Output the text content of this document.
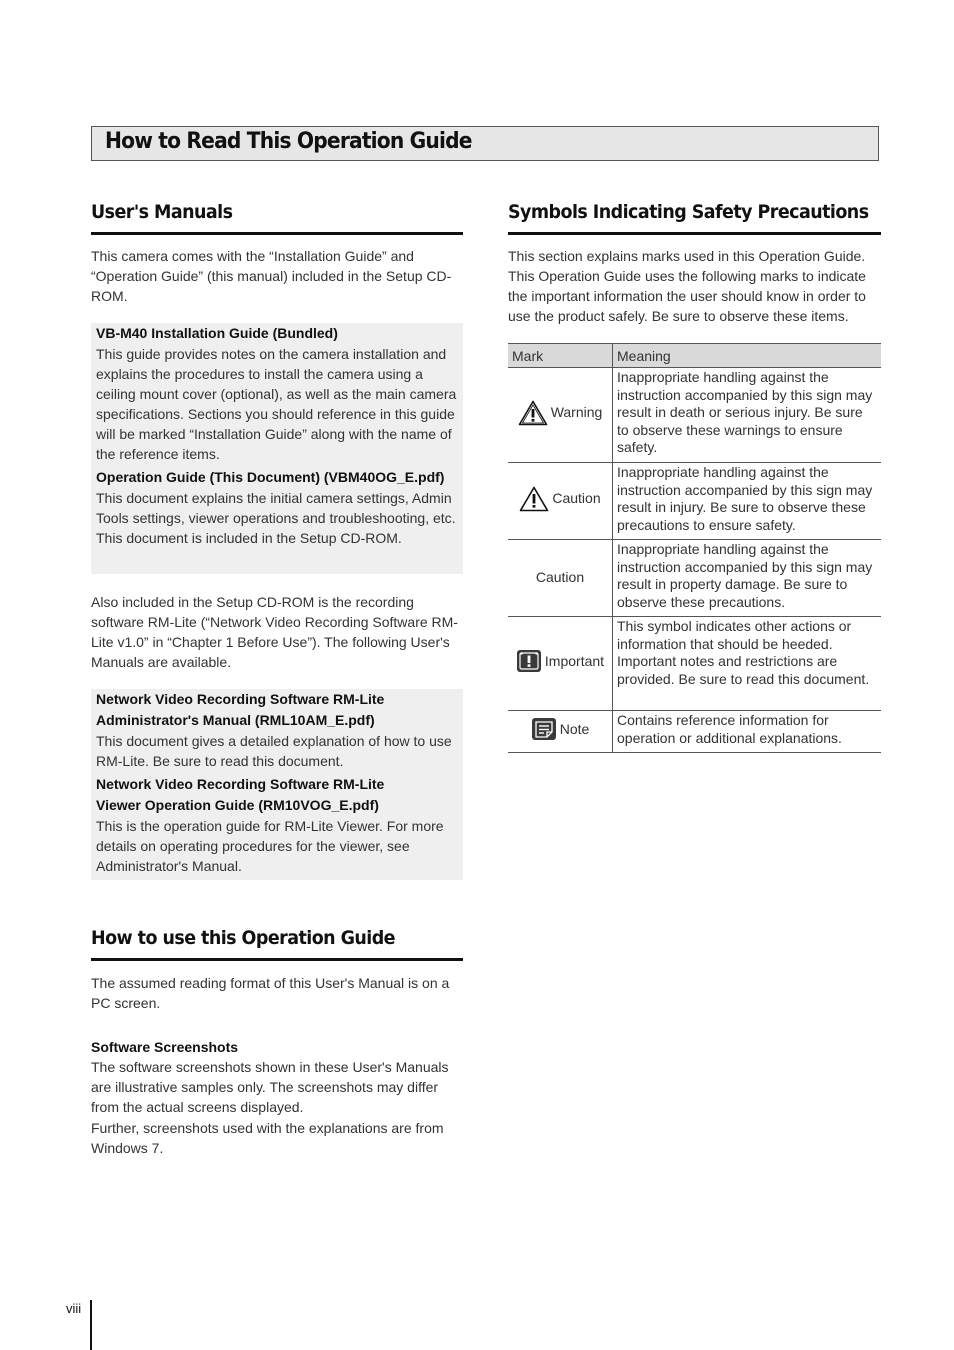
How to Read This Operation Guide
User's Manuals

This camera comes with the “Installation Guide” and “Operation Guide” (this manual) included in the Setup CD-ROM.

VB-M40 Installation Guide (Bundled)

This guide provides notes on the camera installation and explains the procedures to install the camera using a ceiling mount cover (optional), as well as the main camera specifications. Sections you should reference in this guide will be marked “Installation Guide” along with the name of the reference items.

Operation Guide (This Document) (VBM40OG_E.pdf)

This document explains the initial camera settings, Admin Tools settings, viewer operations and troubleshooting, etc. This document is included in the Setup CD-ROM.

Also included in the Setup CD-ROM is the recording software RM-Lite (“Network Video Recording Software RM-Lite v1.0” in “Chapter 1 Before Use”). The following User's Manuals are available.

Network Video Recording Software RM-Lite

Administrator's Manual (RML10AM_E.pdf)

This document gives a detailed explanation of how to use RM-Lite. Be sure to read this document.

Network Video Recording Software RM-Lite

Viewer Operation Guide (RM10VOG_E.pdf)

This is the operation guide for RM-Lite Viewer. For more details on operating procedures for the viewer, see Administrator's Manual.

How to use this Operation Guide

The assumed reading format of this User's Manual is on a PC screen.

Software Screenshots

The software screenshots shown in these User's Manuals are illustrative samples only. The screenshots may differ from the actual screens displayed.

Further, screenshots used with the explanations are from Windows 7.

Symbols Indicating Safety Precautions

This section explains marks used in this Operation Guide. This Operation Guide uses the following marks to indicate the important information the user should know in order to use the product safely. Be sure to observe these items.

Mark	Meaning

Warning	Inappropriate handling against the instruction accompanied by this sign may result in death or serious injury. Be sure to observe these warnings to ensure safety.

Caution	Inappropriate handling against the instruction accompanied by this sign may result in injury. Be sure to observe these precautions to ensure safety.

Caution	Inappropriate handling against the instruction accompanied by this sign may result in property damage. Be sure to observe these precautions.

Important	This symbol indicates other actions or information that should be heeded. Important notes and restrictions are provided. Be sure to read this document.

Note	Contains reference information for operation or additional explanations.

viii
